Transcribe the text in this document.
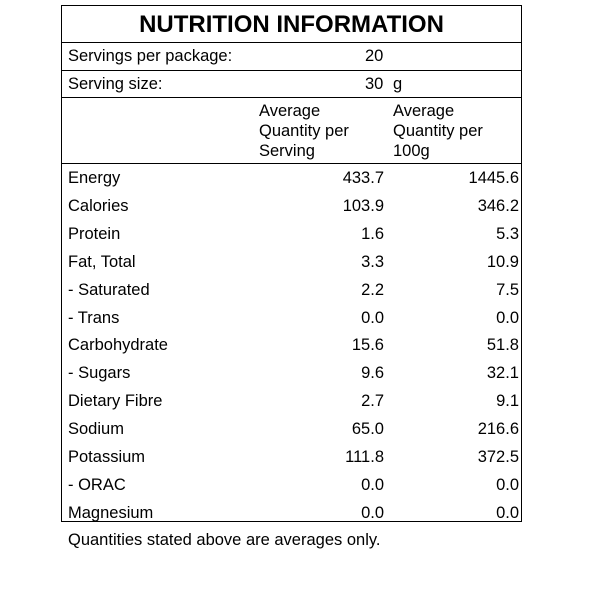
NUTRITION INFORMATION
Servings per package:	20
Serving size:	30 g
Average
Quantity per
Serving
Average
Quantity per
100g
Energy	433.7	1445.6
Calories	103.9	346.2
Protein	1.6	5.3
Fat, Total	3.3	10.9
- Saturated	2.2	7.5
- Trans	0.0	0.0
Carbohydrate	15.6	51.8
- Sugars	9.6	32.1
Dietary Fibre	2.7	9.1
Sodium	65.0	216.6
Potassium	111.8	372.5
- ORAC	0.0	0.0
Magnesium	0.0	0.0
Quantities stated above are averages only.
